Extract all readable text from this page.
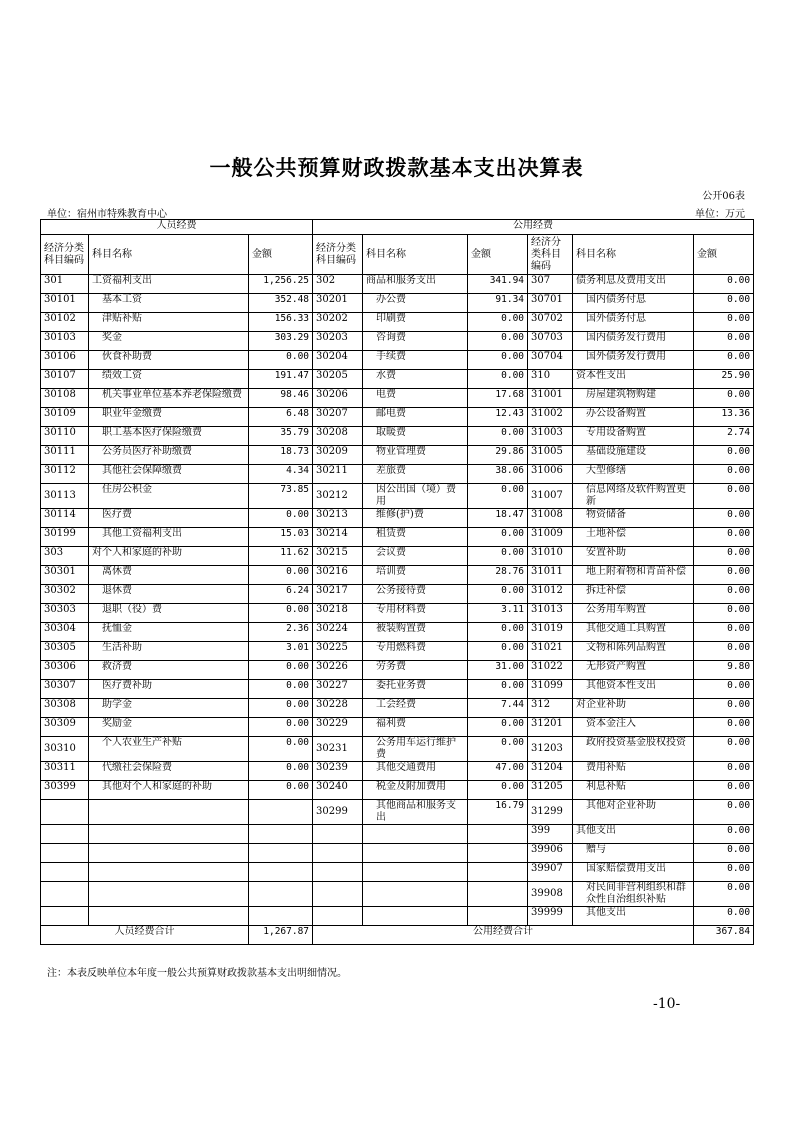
一般公共预算财政拨款基本支出决算表
公开06表
单位：宿州市特殊教育中心	单位：万元
人员经费			公用经费					
经济分类科目编码	科目名称	金额	经济分类科目编码	科目名称	金额	经济分类科目编码	科目名称	金额
301	工资福利支出	1,256.25	302	商品和服务支出	341.94	307	债务利息及费用支出	0.00
30101	基本工资	352.48	30201	办公费	91.34	30701	国内债务付息	0.00
30102	津贴补贴	156.33	30202	印刷费	0.00	30702	国外债务付息	0.00
30103	奖金	303.29	30203	咨询费	0.00	30703	国内债务发行费用	0.00
30106	伙食补助费	0.00	30204	手续费	0.00	30704	国外债务发行费用	0.00
30107	绩效工资	191.47	30205	水费	0.00	310	资本性支出	25.90
30108	机关事业单位基本养老保险缴费	98.46	30206	电费	17.68	31001	房屋建筑物购建	0.00
30109	职业年金缴费	6.48	30207	邮电费	12.43	31002	办公设备购置	13.36
30110	职工基本医疗保险缴费	35.79	30208	取暖费	0.00	31003	专用设备购置	2.74
30111	公务员医疗补助缴费	18.73	30209	物业管理费	29.86	31005	基础设施建设	0.00
30112	其他社会保障缴费	4.34	30211	差旅费	38.06	31006	大型修缮	0.00
30113	住房公积金	73.85	30212	因公出国（境）费用	0.00	31007	信息网络及软件购置更新	0.00
30114	医疗费	0.00	30213	维修(护)费	18.47	31008	物资储备	0.00
30199	其他工资福利支出	15.03	30214	租赁费	0.00	31009	土地补偿	0.00
303	对个人和家庭的补助	11.62	30215	会议费	0.00	31010	安置补助	0.00
30301	离休费	0.00	30216	培训费	28.76	31011	地上附着物和青苗补偿	0.00
30302	退休费	6.24	30217	公务接待费	0.00	31012	拆迁补偿	0.00
30303	退职（役）费	0.00	30218	专用材料费	3.11	31013	公务用车购置	0.00
30304	抚恤金	2.36	30224	被装购置费	0.00	31019	其他交通工具购置	0.00
30305	生活补助	3.01	30225	专用燃料费	0.00	31021	文物和陈列品购置	0.00
30306	救济费	0.00	30226	劳务费	31.00	31022	无形资产购置	9.80
30307	医疗费补助	0.00	30227	委托业务费	0.00	31099	其他资本性支出	0.00
30308	助学金	0.00	30228	工会经费	7.44	312	对企业补助	0.00
30309	奖励金	0.00	30229	福利费	0.00	31201	资本金注入	0.00
30310	个人农业生产补贴	0.00	30231	公务用车运行维护费	0.00	31203	政府投资基金股权投资	0.00
30311	代缴社会保险费	0.00	30239	其他交通费用	47.00	31204	费用补贴	0.00
30399	其他对个人和家庭的补助	0.00	30240	税金及附加费用	0.00	31205	利息补贴	0.00
			30299	其他商品和服务支出	16.79	31299	其他对企业补助	0.00
						399	其他支出	0.00
						39906	赠与	0.00
						39907	国家赔偿费用支出	0.00
						39908	对民间非营利组织和群众性自治组织补贴	0.00
						39999	其他支出	0.00
人员经费合计		1,267.87	公用经费合计					367.84
注：本表反映单位本年度一般公共预算财政拨款基本支出明细情况。
-10-
